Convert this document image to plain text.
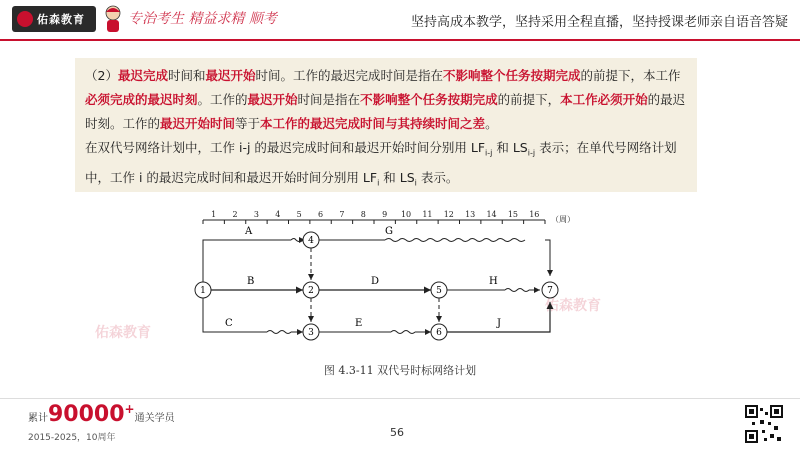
佑森教育	专治考生 精益求精 顺考	坚持高成本教学，坚持采用全程直播，坚持授课老师亲自语音答疑
佑森教育
佑森教育
（2）最迟完成时间和最迟开始时间。工作的最迟完成时间是指在不影响整个任务按期完成的前提下，本工作必须完成的最迟时刻。工作的最迟开始时间是指在不影响整个任务按期完成的前提下，本工作必须开始的最迟时刻。工作的最迟开始时间等于本工作的最迟完成时间与其持续时间之差。
在双代号网络计划中，工作 i-j 的最迟完成时间和最迟开始时间分别用 $LF_{i-j}$ 和 $LS_{i-j}$ 表示；在单代号网络计划中，工作 i 的最迟完成时间和最迟开始时间分别用 $LF_i$ 和 $LS_i$ 表示。
1 2 3 4 5 6 7 8 9 10 11 12 13 14 15 16
（周）
A
B
C
D
E
G
H
J
1	2
3
4
5
6
7
图 4.3-11 双代号时标网络计划
累计90000+通关学员
2015-2025，10周年	56
